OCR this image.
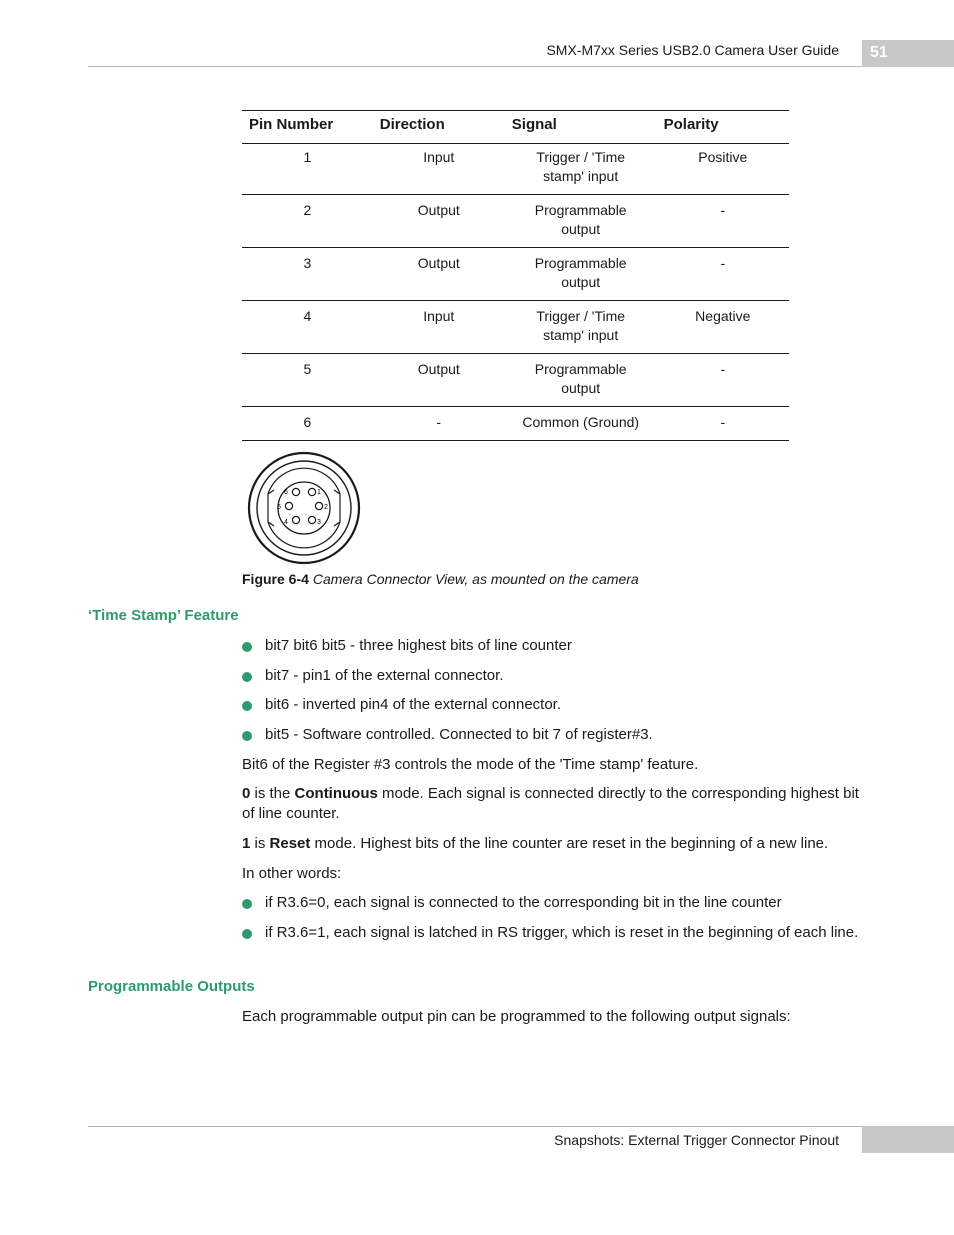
SMX-M7xx Series USB2.0 Camera User Guide 51
Pin Number	Direction	Signal	Polarity
1	Input	Trigger / 'Time stamp' input	Positive
2	Output	Programmable output	-
3	Output	Programmable output	-
4	Input	Trigger / 'Time stamp' input	Negative
5	Output	Programmable output	-
6	-	Common (Ground)	-
1
2
3
4
5
6
Figure 6-4 Camera Connector View, as mounted on the camera
‘Time Stamp’ Feature
bit7 bit6 bit5 - three highest bits of line counter
bit7 - pin1 of the external connector.
bit6 - inverted pin4 of the external connector.
bit5 - Software controlled. Connected to bit 7 of register#3.

Bit6 of the Register #3 controls the mode of the 'Time stamp' feature.

0 is the Continuous mode. Each signal is connected directly to the corresponding highest bit of line counter.

1 is Reset mode. Highest bits of the line counter are reset in the beginning of a new line.

In other words:

if R3.6=0, each signal is connected to the corresponding bit in the line counter
if R3.6=1, each signal is latched in RS trigger, which is reset in the beginning of each line.
Programmable Outputs

Each programmable output pin can be programmed to the following output signals:

Snapshots: External Trigger Connector Pinout
